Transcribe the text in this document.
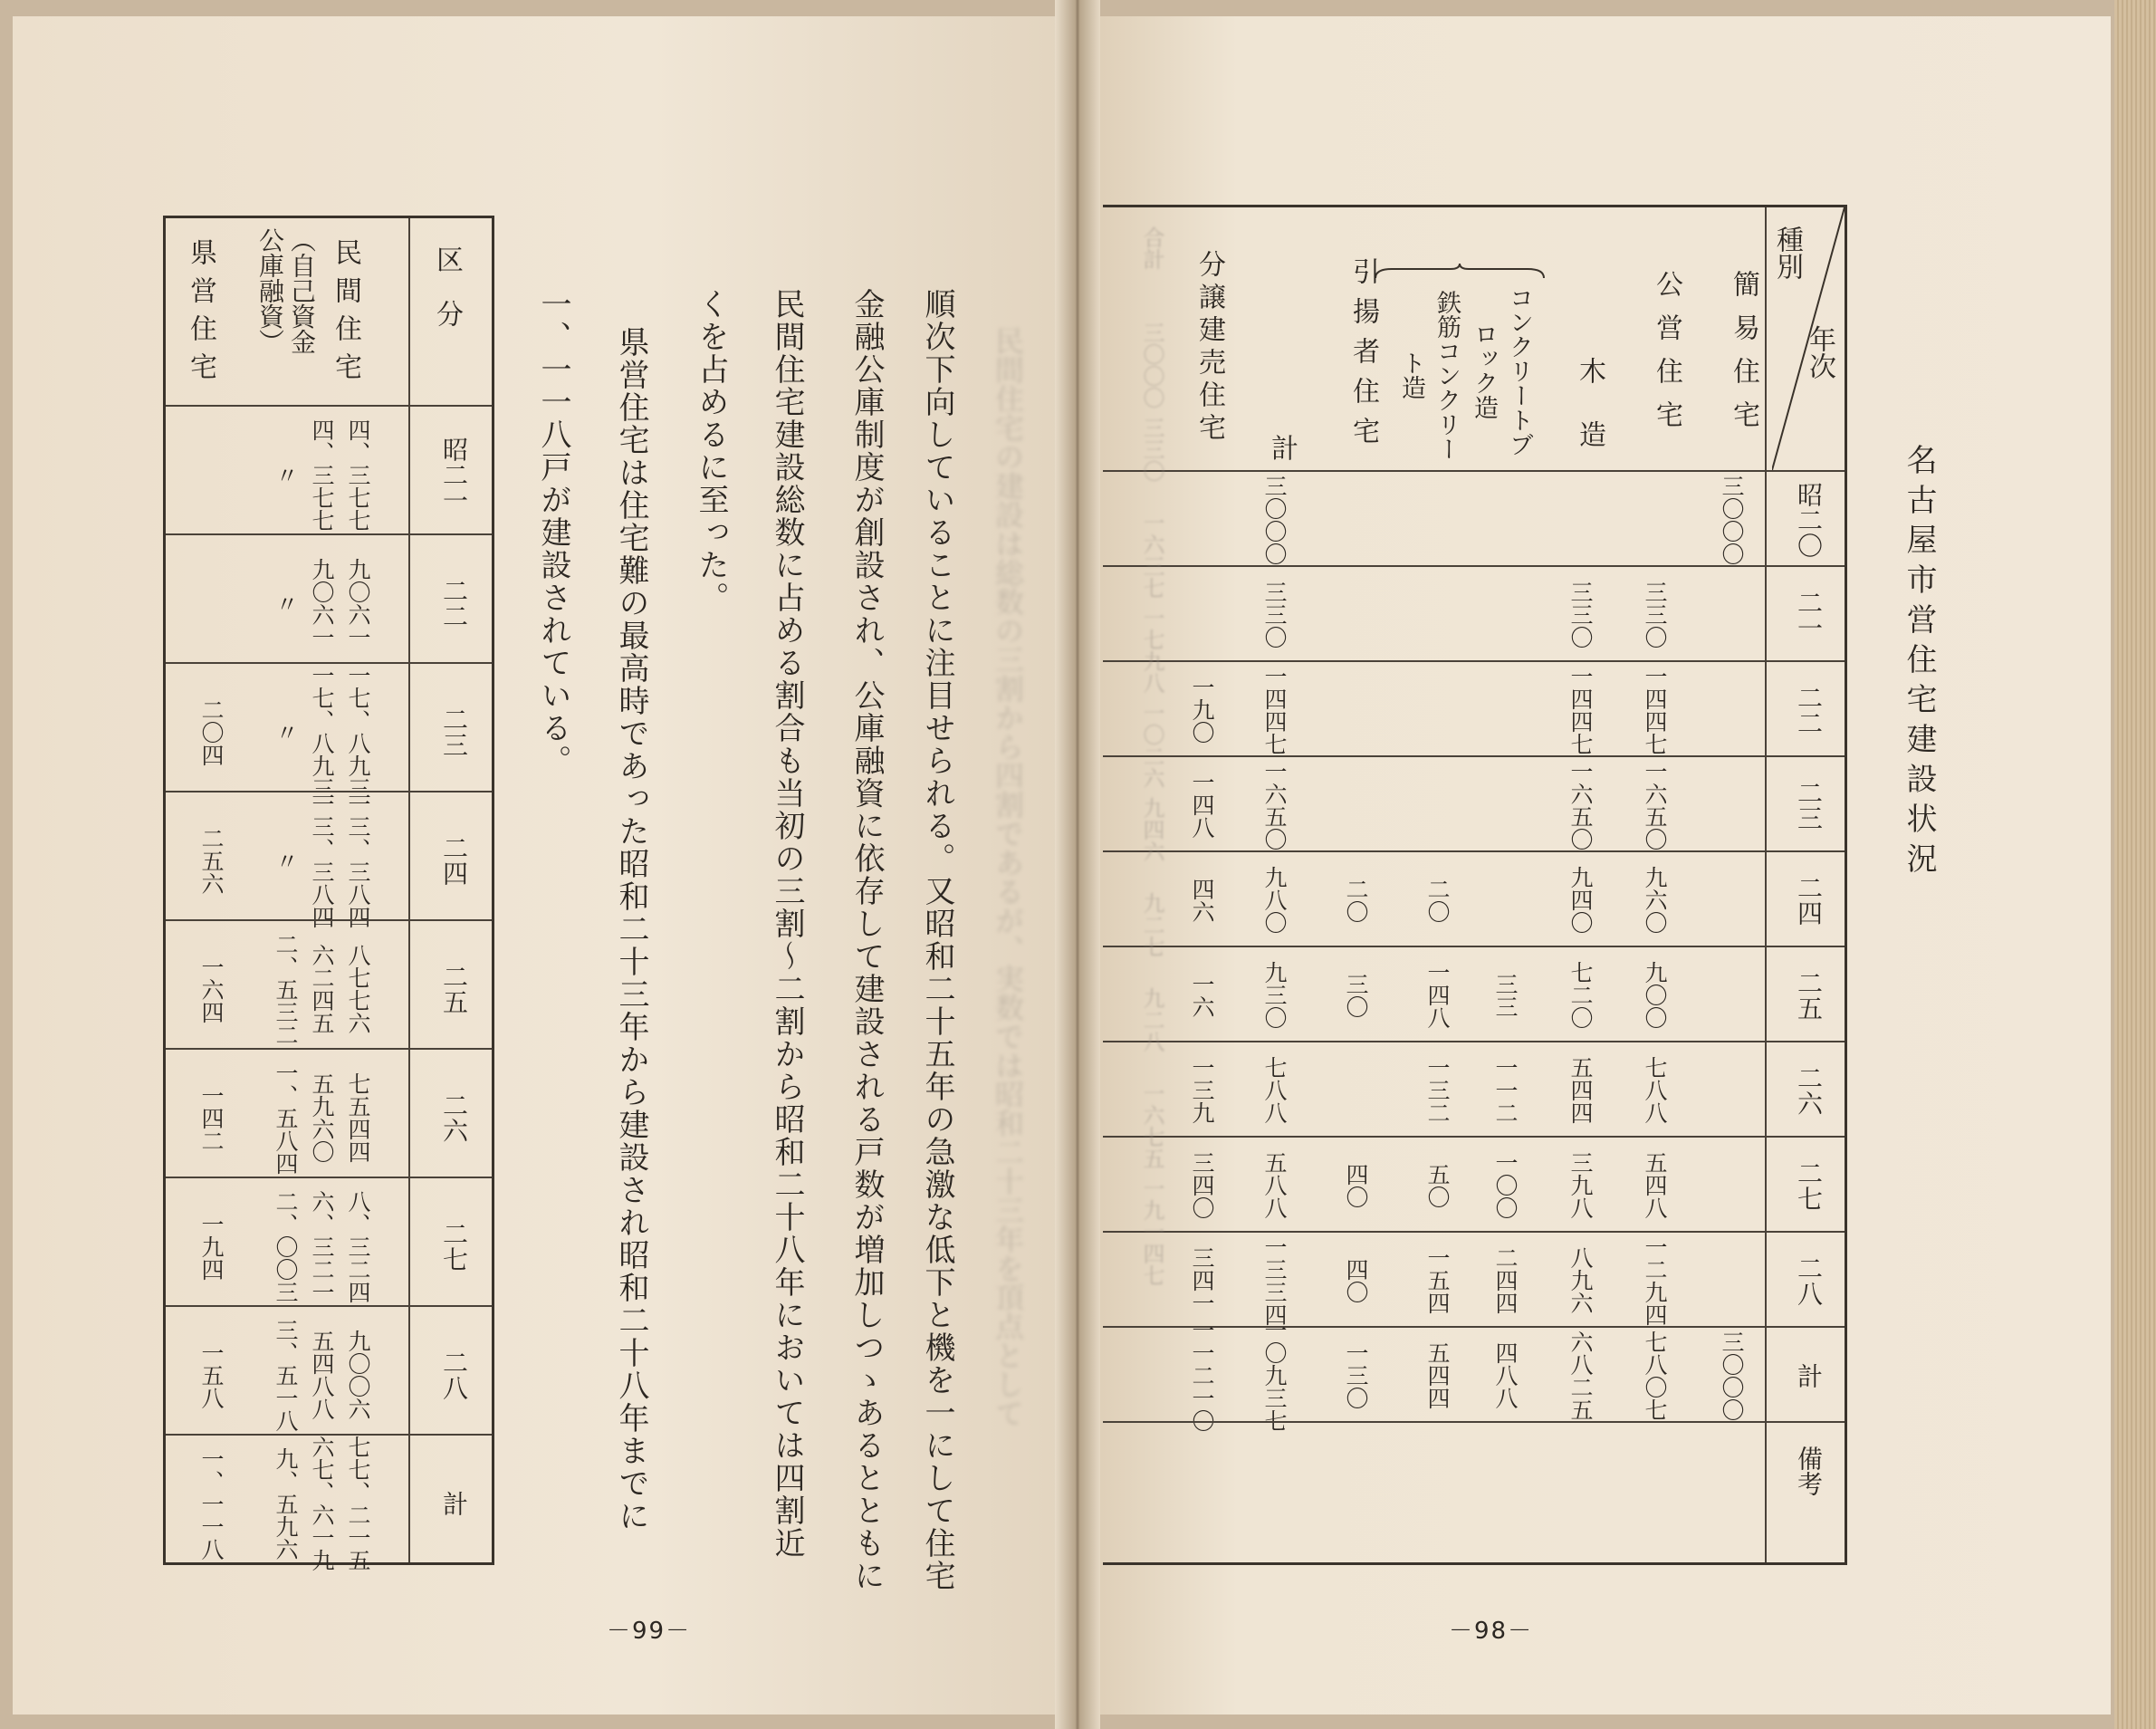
名古屋市営住宅建設状況
種別
年次
簡易住宅
公営住宅
木造
コンクリートブロック造
鉄筋コンクリート造
引揚者住宅
計
分譲建売住宅
昭二〇
三〇〇〇
三〇〇〇
二一
三三〇
三三〇
三三〇
二二
一四四七
一四四七
一四四七
一九〇
二三
一六五〇
一六五〇
一六五〇
一四八
二四
九六〇
九四〇
二〇
二〇
九八〇
四六
二五
九〇〇
七二〇
三三
一四八
三〇
九三〇
一六
二六
七八八
五四四
一一二
一三二
七八八
一三九
二七
五四八
三九八
一〇〇
五〇
四〇
五八八
三四〇
二八
一二九四
八九六
二四四
一五四
四〇
一三三四
三四一
計
三〇〇〇
七八〇七
六八二五
四八八
五四四
一三〇
一〇九三七
一一二一〇
備考
合計
三〇〇〇
三三〇
一六三七
一七九八
一〇二六
九四六
九二七
九二八
一六七五
一九一四七
－98－
民間住宅の建設は総数の三割から四割であるが、実数では昭和二十三年を頂点として
順次下向していることに注目せられる。又昭和二十五年の急激な低下と機を一にして住宅
金融公庫制度が創設され、公庫融資に依存して建設される戸数が増加しつゝあるとともに
民間住宅建設総数に占める割合も当初の三割〜二割から昭和二十八年においては四割近
くを占めるに至った。
県営住宅は住宅難の最高時であった昭和二十三年から建設され昭和二十八年までに
一、一一八戸が建設されている。
区分
民間住宅
（自己資金
公庫融資）
県営住宅
昭二一
四、三七七
四、三七七
〃
二二
九〇六一
九〇六一
〃
二三
一七、八九三
一七、八九三
〃
二〇四
二四
一三、三八四
一三、三八四
〃
二五六
二五
八七七六
六二四五
二、五三二
一六四
二六
七五四四
五九六〇
一、五八四
一四二
二七
八、三二四
六、三二一
二、〇〇三
一九四
二八
九〇〇六
五四八八
三、五一八
一五八
計
七七、二一五
六七、六一九
九、五九六
一、一一八
－99－
